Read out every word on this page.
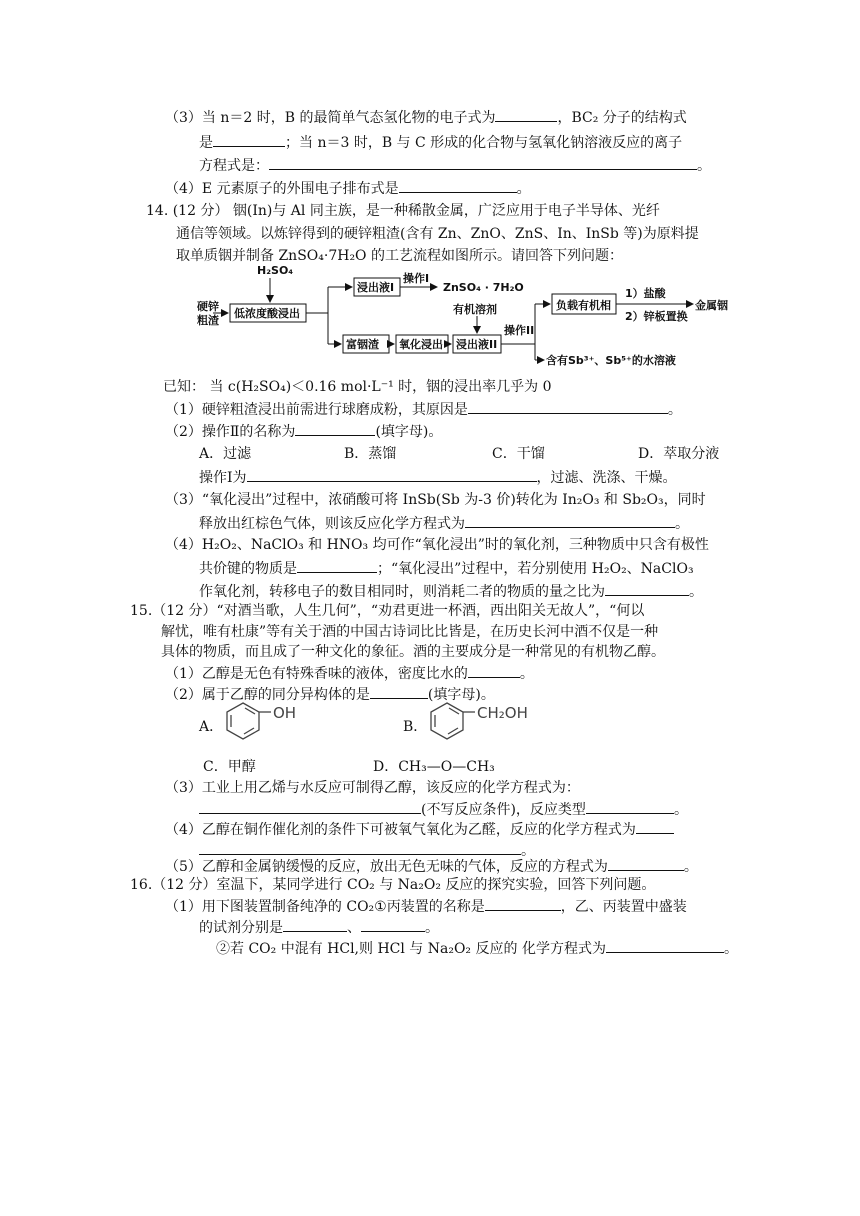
（3）当 n＝2 时，B 的最简单气态氢化物的电子式为	，BC₂ 分子的结构式
是	；当 n＝3 时，B 与 C 形成的化合物与氢氧化钠溶液反应的离子
方程式是：	。
（4）E 元素原子的外围电子排布式是	。
14. (12 分） 铟(In)与 Al 同主族，是一种稀散金属，广泛应用于电子半导体、光纤
通信等领域。以炼锌得到的硬锌粗渣(含有 Zn、ZnO、ZnS、In、InSb 等)为原料提
取单质铟并制备 ZnSO₄·7H₂O 的工艺流程如图所示。请回答下列问题：
H₂SO₄
硬锌
粗渣
低浓度酸浸出
浸出液I
操作I
ZnSO₄ · 7H₂O
富铟渣 氧化浸出 浸出液II
有机溶剂
操作II
负载有机相
1）盐酸
2）锌板置换
金属铟
含有Sb³⁺、Sb⁵⁺的水溶液
已知： 当 c(H₂SO₄)＜0.16 mol·L⁻¹ 时，铟的浸出率几乎为 0
（1）硬锌粗渣浸出前需进行球磨成粉，其原因是	。
（2）操作Ⅱ的名称为	(填字母)。
A．过滤	B．蒸馏	C．干馏	D．萃取分液
操作Ⅰ为	，过滤、洗涤、干燥。
（3）“氧化浸出”过程中，浓硝酸可将 InSb(Sb 为-3 价)转化为 In₂O₃ 和 Sb₂O₃，同时
释放出红棕色气体，则该反应化学方程式为	。
（4）H₂O₂、NaClO₃ 和 HNO₃ 均可作“氧化浸出”时的氧化剂，三种物质中只含有极性
共价键的物质是	；“氧化浸出”过程中，若分别使用 H₂O₂、NaClO₃
作氧化剂，转移电子的数目相同时，则消耗二者的物质的量之比为	。
15.（12 分）“对酒当歌，人生几何”，“劝君更进一杯酒，西出阳关无故人”，“何以
解忧，唯有杜康”等有关于酒的中国古诗词比比皆是，在历史长河中酒不仅是一种
具体的物质，而且成了一种文化的象征。酒的主要成分是一种常见的有机物乙醇。
（1）乙醇是无色有特殊香味的液体，密度比水的	。
（2）属于乙醇的同分异构体的是	(填字母)。
A．
OH
B．
CH₂OH
C．甲醇	D．CH₃—O—CH₃
（3）工业上用乙烯与水反应可制得乙醇，该反应的化学方程式为：
(不写反应条件)，反应类型	。
（4）乙醇在铜作催化剂的条件下可被氧气氧化为乙醛，反应的化学方程式为
。
（5）乙醇和金属钠缓慢的反应，放出无色无味的气体，反应的方程式为	。
16.（12 分）室温下，某同学进行 CO₂ 与 Na₂O₂ 反应的探究实验，回答下列问题。
（1）用下图装置制备纯净的 CO₂①丙装置的名称是	，乙、丙装置中盛装
的试剂分别是	、	。
②若 CO₂ 中混有 HCl,则 HCl 与 Na₂O₂ 反应的 化学方程式为	。
